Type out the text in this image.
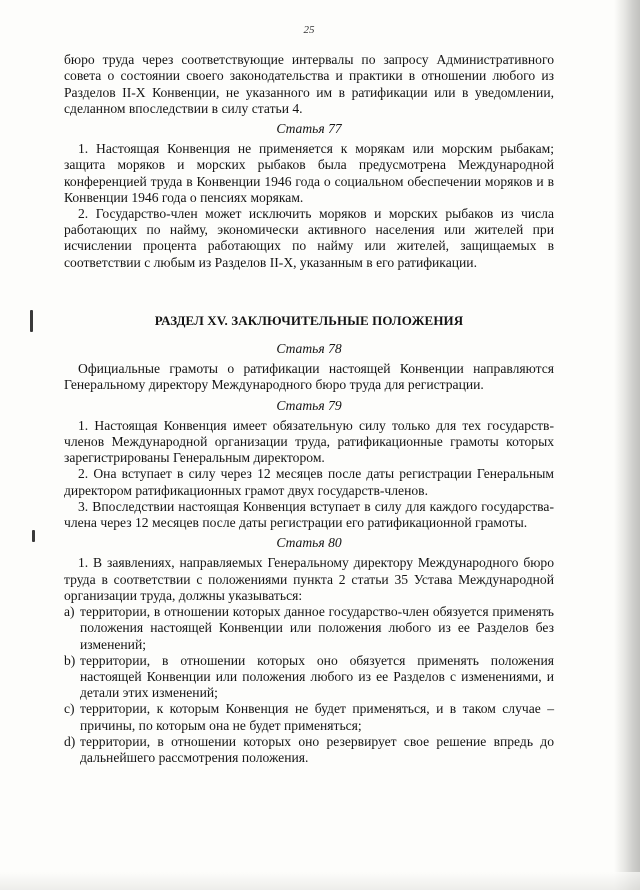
25

бюро труда через соответствующие интервалы по запросу Административного совета о состоянии своего законодательства и практики в отношении любого из Разделов II-X Конвенции, не указанного им в ратификации или в уведомлении, сделанном впоследствии в силу статьи 4.

Статья 77

1. Настоящая Конвенция не применяется к морякам или морским рыбакам; защита моряков и морских рыбаков была предусмотрена Международной конференцией труда в Конвенции 1946 года о социальном обеспечении моряков и в Конвенции 1946 года о пенсиях морякам.

2. Государство-член может исключить моряков и морских рыбаков из числа работающих по найму, экономически активного населения или жителей при исчислении процента работающих по найму или жителей, защищаемых в соответствии с любым из Разделов II-X, указанным в его ратификации.

РАЗДЕЛ XV. ЗАКЛЮЧИТЕЛЬНЫЕ ПОЛОЖЕНИЯ
Статья 78

Официальные грамоты о ратификации настоящей Конвенции направляются Генеральному директору Международного бюро труда для регистрации.

Статья 79

1. Настоящая Конвенция имеет обязательную силу только для тех государств-членов Международной организации труда, ратификационные грамоты которых зарегистрированы Генеральным директором.

2. Она вступает в силу через 12 месяцев после даты регистрации Генеральным директором ратификационных грамот двух государств-членов.

3. Впоследствии настоящая Конвенция вступает в силу для каждого государства-члена через 12 месяцев после даты регистрации его ратификационной грамоты.

Статья 80

1. В заявлениях, направляемых Генеральному директору Международного бюро труда в соответствии с положениями пункта 2 статьи 35 Устава Международной организации труда, должны указываться:

a) территории, в отношении которых данное государство-член обязуется применять положения настоящей Конвенции или положения любого из ее Разделов без изменений;
b) территории, в отношении которых оно обязуется применять положения настоящей Конвенции или положения любого из ее Разделов с изменениями, и детали этих изменений;
c) территории, к которым Конвенция не будет применяться, и в таком случае – причины, по которым она не будет применяться;
d) территории, в отношении которых оно резервирует свое решение впредь до дальнейшего рассмотрения положения.
